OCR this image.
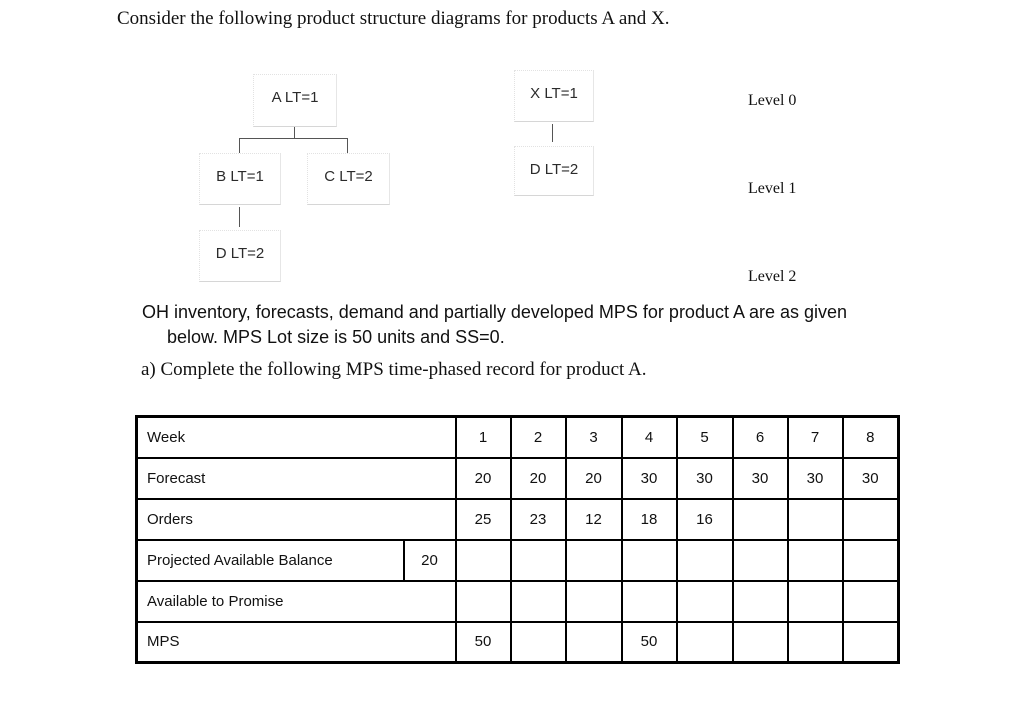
Consider the following product structure diagrams for products A and X.
A LT=1
B LT=1	C LT=2
D LT=2
X LT=1
D LT=2
Level 0
Level 1
Level 2
OH inventory, forecasts, demand and partially developed MPS for product A are as given
below. MPS Lot size is 50 units and SS=0.
a) Complete the following MPS time-phased record for product A.
Week		1	2	3	4	5	6	7	8
Forecast		20	20	20	30	30	30	30	30
Orders		25	23	12	18	16			
Projected Available Balance	20								
Available to Promise									
MPS		50			50				
